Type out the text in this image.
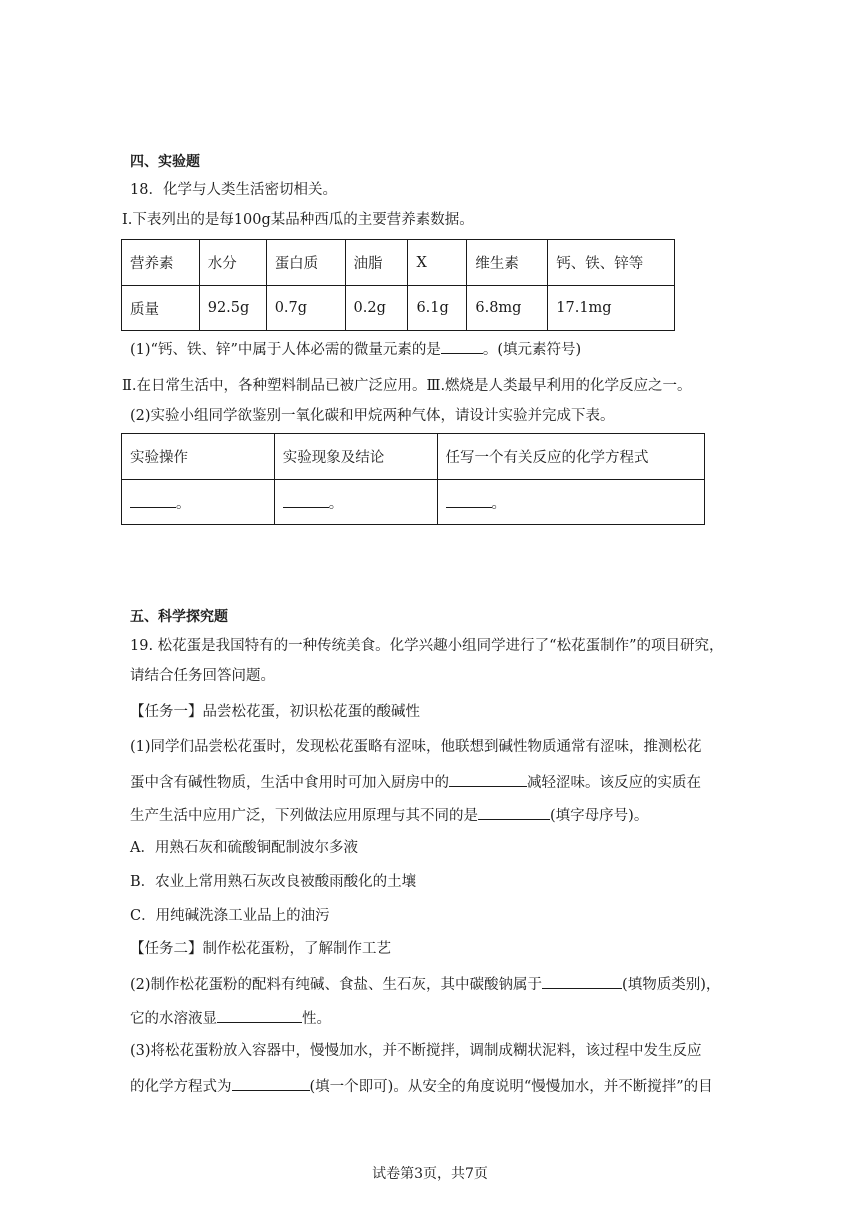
四、实验题
18．化学与人类生活密切相关。
Ⅰ.下表列出的是每100g某品种西瓜的主要营养素数据。
营养素	水分	蛋白质	油脂	X	维生素	钙、铁、锌等
质量	92.5g	0.7g	0.2g	6.1g	6.8mg	17.1mg
(1)“钙、铁、锌”中属于人体必需的微量元素的是	。(填元素符号)
Ⅱ.在日常生活中，各种塑料制品已被广泛应用。Ⅲ.燃烧是人类最早利用的化学反应之一。
(2)实验小组同学欲鉴别一氧化碳和甲烷两种气体，请设计实验并完成下表。
实验操作	实验现象及结论	任写一个有关反应的化学方程式
。	。	。
五、科学探究题
19. 松花蛋是我国特有的一种传统美食。化学兴趣小组同学进行了“松花蛋制作”的项目研究，
请结合任务回答问题。
【任务一】品尝松花蛋，初识松花蛋的酸碱性
(1)同学们品尝松花蛋时，发现松花蛋略有涩味，他联想到碱性物质通常有涩味，推测松花
蛋中含有碱性物质，生活中食用时可加入厨房中的	减轻涩味。该反应的实质在
生产生活中应用广泛，下列做法应用原理与其不同的是	(填字母序号)。
A．用熟石灰和硫酸铜配制波尔多液
B．农业上常用熟石灰改良被酸雨酸化的土壤
C．用纯碱洗涤工业品上的油污
【任务二】制作松花蛋粉，了解制作工艺
(2)制作松花蛋粉的配料有纯碱、食盐、生石灰，其中碳酸钠属于	(填物质类别)，
它的水溶液显	性。
(3)将松花蛋粉放入容器中，慢慢加水，并不断搅拌，调制成糊状泥料，该过程中发生反应
的化学方程式为	(填一个即可)。从安全的角度说明“慢慢加水，并不断搅拌”的目
试卷第3页，共7页
